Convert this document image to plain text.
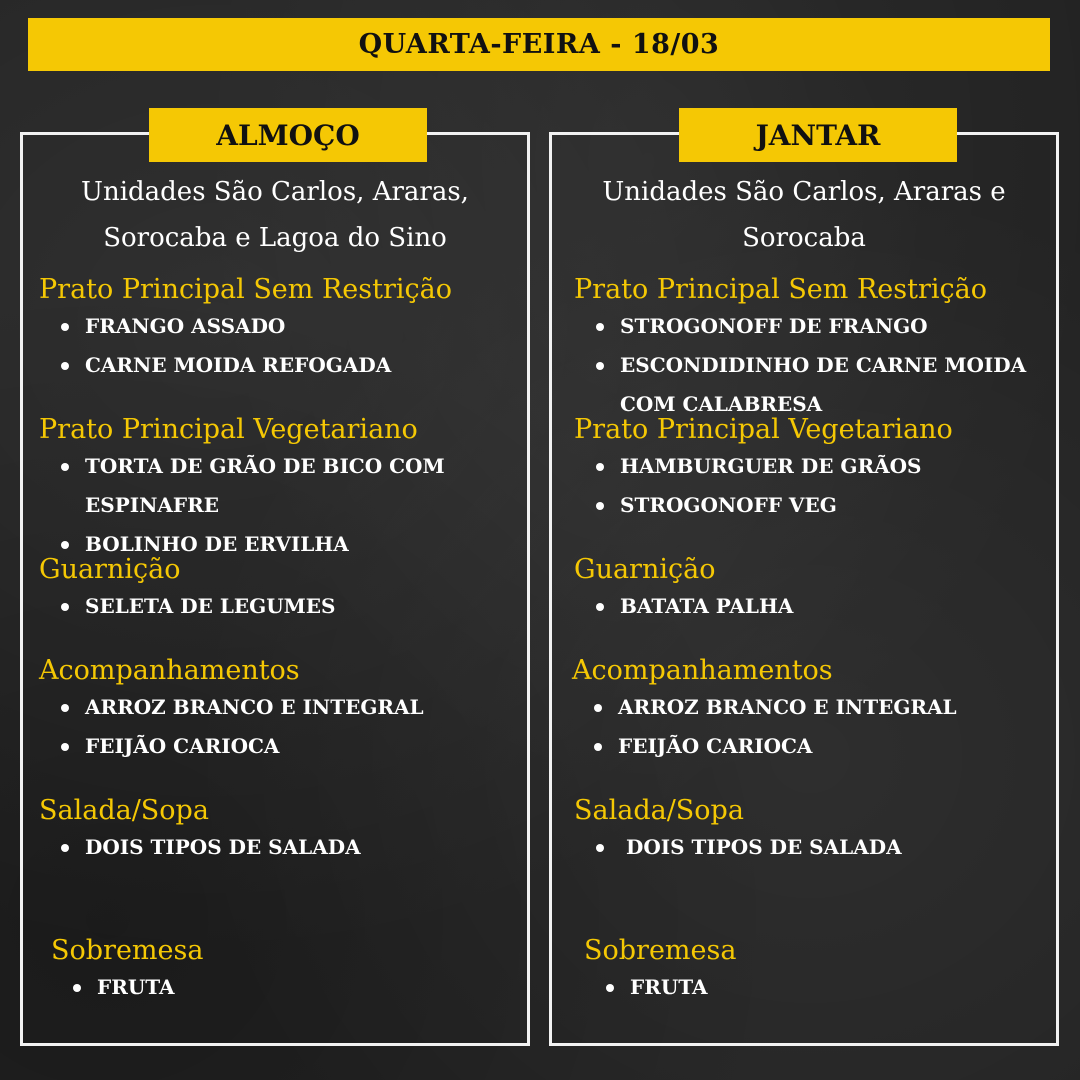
QUARTA-FEIRA - 18/03
ALMOÇO
Unidades São Carlos, Araras,
Sorocaba e Lagoa do Sino
Prato Principal Sem Restrição
FRANGO ASSADO
CARNE MOIDA REFOGADA
Prato Principal Vegetariano
TORTA DE GRÃO DE BICO COM
ESPINAFRE
BOLINHO DE ERVILHA
Guarnição
SELETA DE LEGUMES
Acompanhamentos
ARROZ BRANCO E INTEGRAL
FEIJÃO CARIOCA
Salada/Sopa
DOIS TIPOS DE SALADA
Sobremesa
FRUTA
JANTAR
Unidades São Carlos, Araras e
Sorocaba
Prato Principal Sem Restrição
STROGONOFF DE FRANGO
ESCONDIDINHO DE CARNE MOIDA
COM CALABRESA
Prato Principal Vegetariano
HAMBURGUER DE GRÃOS
STROGONOFF VEG
Guarnição
BATATA PALHA
Acompanhamentos
ARROZ BRANCO E INTEGRAL
FEIJÃO CARIOCA
Salada/Sopa
DOIS TIPOS DE SALADA
Sobremesa
FRUTA
